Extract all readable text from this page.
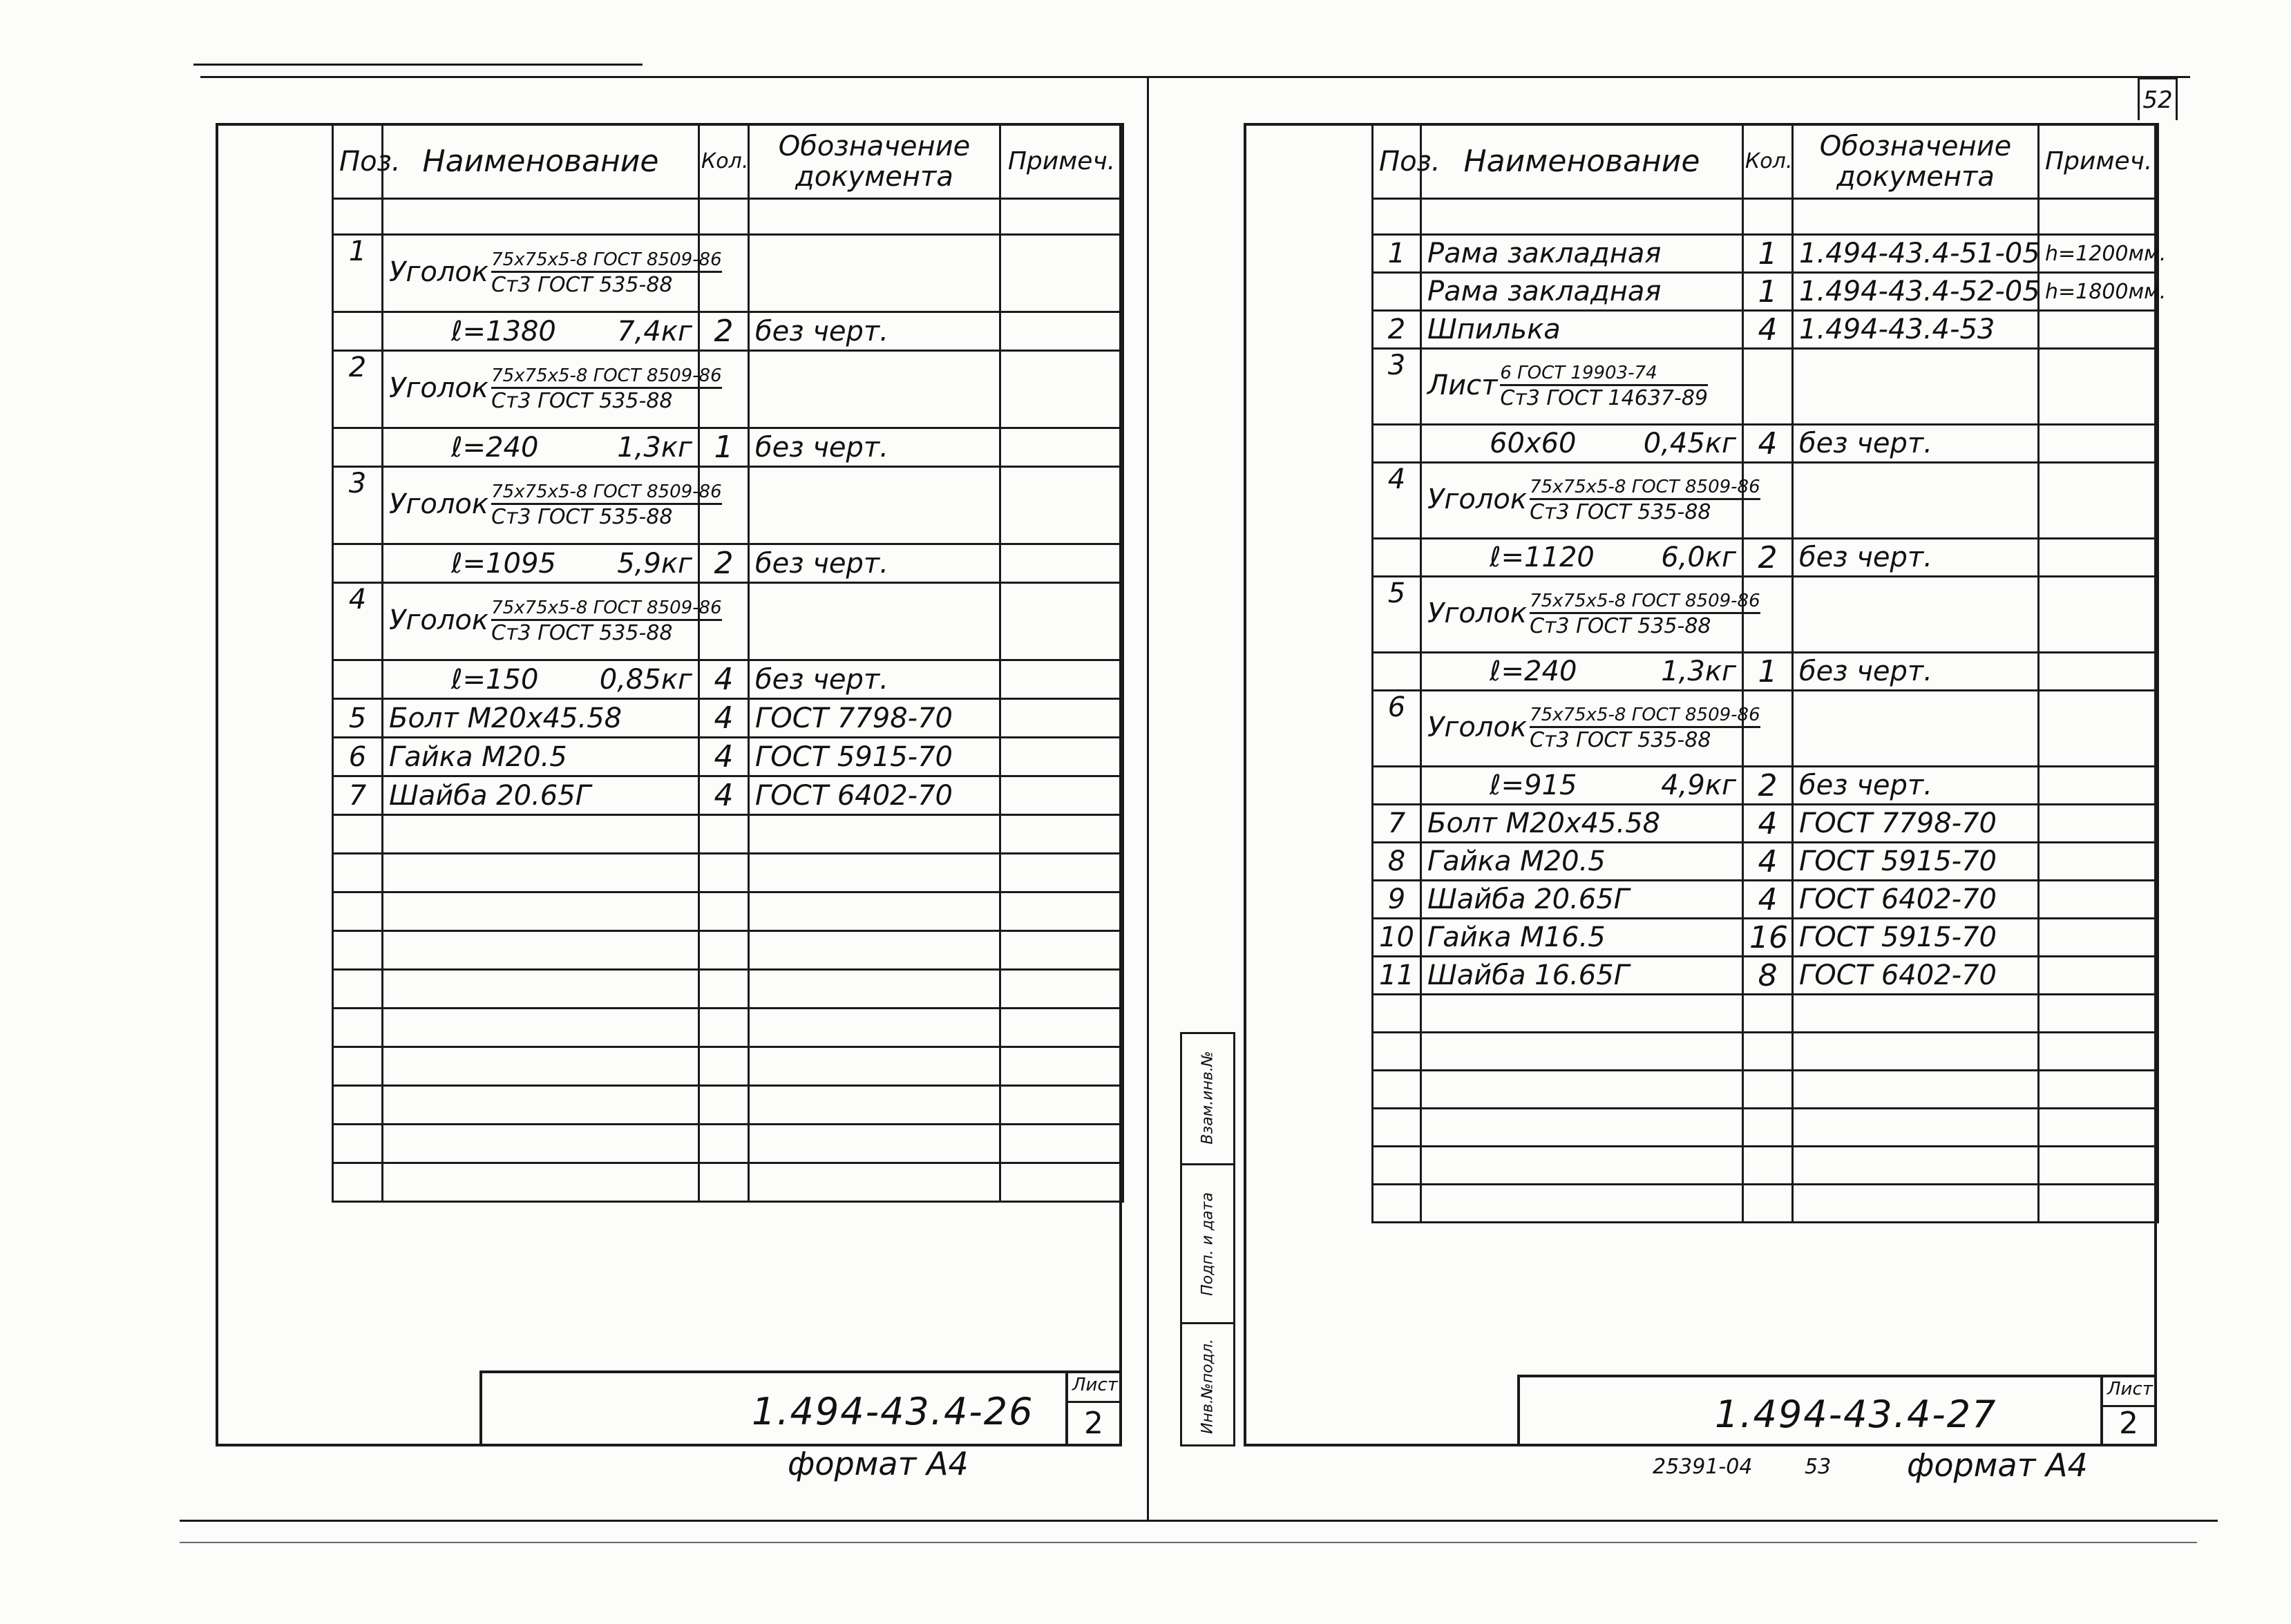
Поз.	Наименование	Кол.	Обозначение
документа	Примеч.

1	Уголок $\frac{\text{75x75x5-8 ГОСТ 8509-86}}{\text{Ст3 ГОСТ 535-88}}$

	ℓ=1380 7,4кг	2	без черт.	
2	Уголок $\frac{\text{75x75x5-8 ГОСТ 8509-86}}{\text{Ст3 ГОСТ 535-88}}$

	ℓ=240 1,3кг	1	без черт.	
3	Уголок $\frac{\text{75x75x5-8 ГОСТ 8509-86}}{\text{Ст3 ГОСТ 535-88}}$

	ℓ=1095 5,9кг	2	без черт.	
4	Уголок $\frac{\text{75x75x5-8 ГОСТ 8509-86}}{\text{Ст3 ГОСТ 535-88}}$

	ℓ=150 0,85кг	4	без черт.	
5	Болт М20х45.58	4	ГОСТ 7798-70	
6	Гайка М20.5	4	ГОСТ 5915-70	
7	Шайба 20.65Г	4	ГОСТ 6402-70	

1.494-43.4-26
Лист
2
формат А4
Взам.инв.№
Подп. и дата
Инв.№подл.
52
Поз.	Наименование	Кол.	Обозначение
документа	Примеч.

1	Рама закладная	1	1.494-43.4-51-05	h=1200мм.
	Рама закладная	1	1.494-43.4-52-05	h=1800мм.
2	Шпилька	4	1.494-43.4-53	
3	Лист $\frac{\text{6 ГОСТ 19903-74}}{\text{Ст3 ГОСТ 14637-89}}$

	60х60 0,45кг	4	без черт.	
4	Уголок $\frac{\text{75x75x5-8 ГОСТ 8509-86}}{\text{Ст3 ГОСТ 535-88}}$

	ℓ=1120 6,0кг	2	без черт.	
5	Уголок $\frac{\text{75x75x5-8 ГОСТ 8509-86}}{\text{Ст3 ГОСТ 535-88}}$

	ℓ=240 1,3кг	1	без черт.	
6	Уголок $\frac{\text{75x75x5-8 ГОСТ 8509-86}}{\text{Ст3 ГОСТ 535-88}}$

	ℓ=915 4,9кг	2	без черт.	
7	Болт М20х45.58	4	ГОСТ 7798-70	
8	Гайка М20.5	4	ГОСТ 5915-70	
9	Шайба 20.65Г	4	ГОСТ 6402-70	
10	Гайка М16.5	16	ГОСТ 5915-70	
11	Шайба 16.65Г	8	ГОСТ 6402-70	

1.494-43.4-27
Лист
2
25391-04	53 формат А4
